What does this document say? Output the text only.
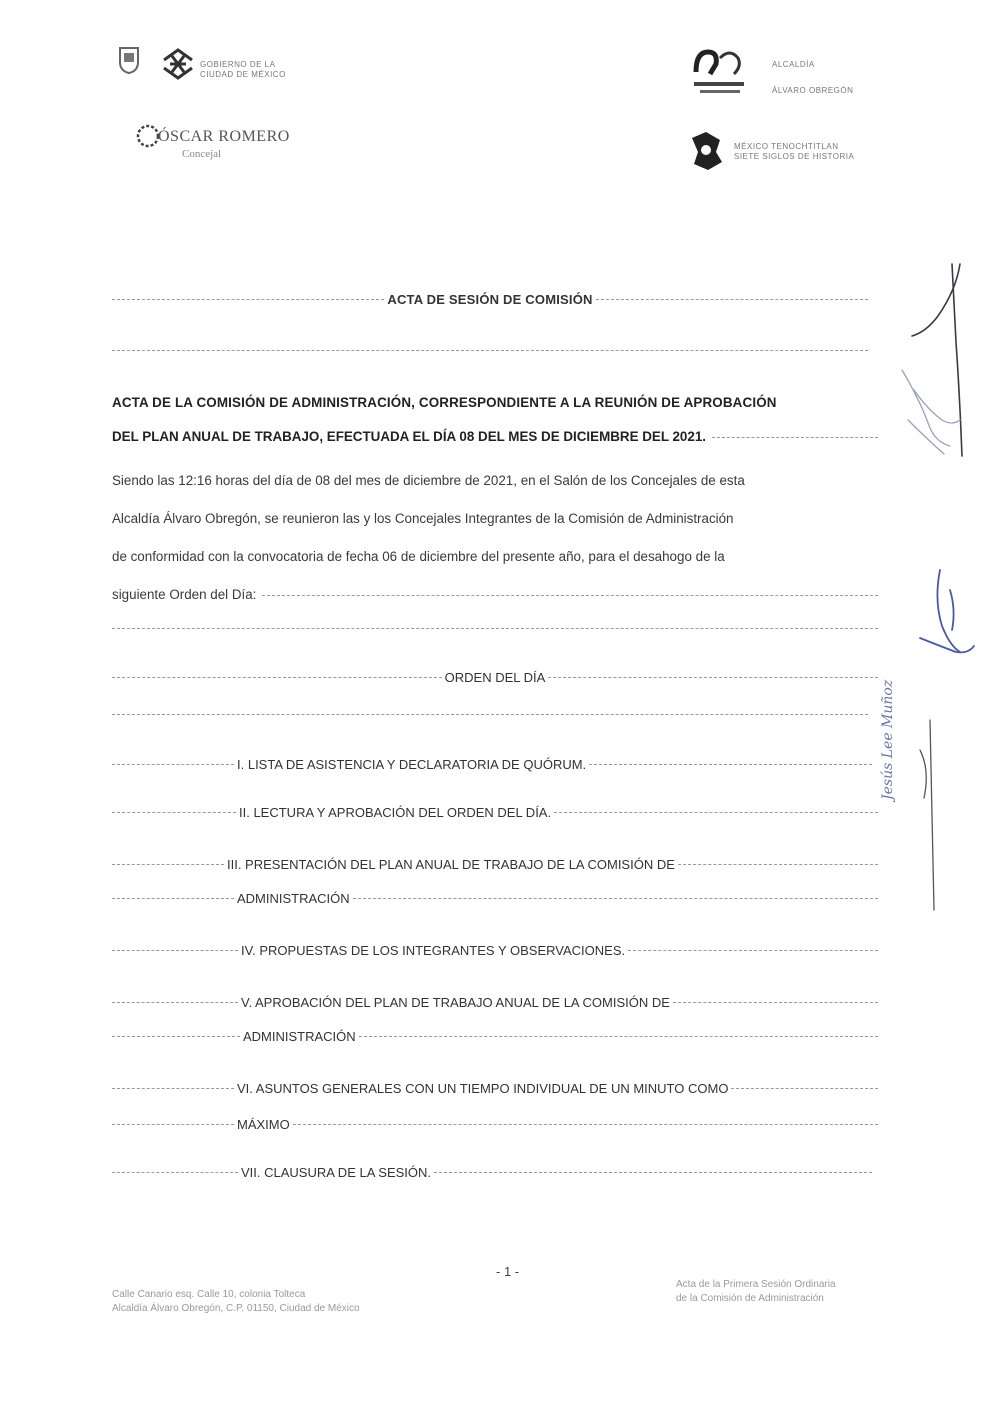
GOBIERNO DE LA
CIUDAD DE MÉXICO
ÓSCAR ROMERO
Concejal
ALCALDÍA
ÁLVARO OBREGÓN
MÉXICO TENOCHTITLAN
SIETE SIGLOS DE HISTORIA
ACTA DE SESIÓN DE COMISIÓN
ACTA DE LA COMISIÓN DE ADMINISTRACIÓN, CORRESPONDIENTE A LA REUNIÓN DE APROBACIÓN
DEL PLAN ANUAL DE TRABAJO, EFECTUADA EL DÍA 08 DEL MES DE DICIEMBRE DEL 2021.
Siendo las 12:16 horas del día de 08 del mes de diciembre de 2021, en el Salón de los Concejales de esta
Alcaldía Álvaro Obregón, se reunieron las y los Concejales Integrantes de la Comisión de Administración
de conformidad con la convocatoria de fecha 06 de diciembre del presente año, para el desahogo de la
siguiente Orden del Día:
ORDEN DEL DÍA
I. LISTA DE ASISTENCIA Y DECLARATORIA DE QUÓRUM.
II. LECTURA Y APROBACIÓN DEL ORDEN DEL DÍA.
III. PRESENTACIÓN DEL PLAN ANUAL DE TRABAJO DE LA COMISIÓN DE
ADMINISTRACIÓN
IV. PROPUESTAS DE LOS INTEGRANTES Y OBSERVACIONES.
V. APROBACIÓN DEL PLAN DE TRABAJO ANUAL DE LA COMISIÓN DE
ADMINISTRACIÓN
VI. ASUNTOS GENERALES CON UN TIEMPO INDIVIDUAL DE UN MINUTO COMO
MÁXIMO
VII. CLAUSURA DE LA SESIÓN.
- 1 -
Calle Canario esq. Calle 10, colonia Tolteca
Alcaldía Álvaro Obregón, C.P. 01150, Ciudad de México
Acta de la Primera Sesión Ordinaria
de la Comisión de Administración
Jesús Lee Muñoz
